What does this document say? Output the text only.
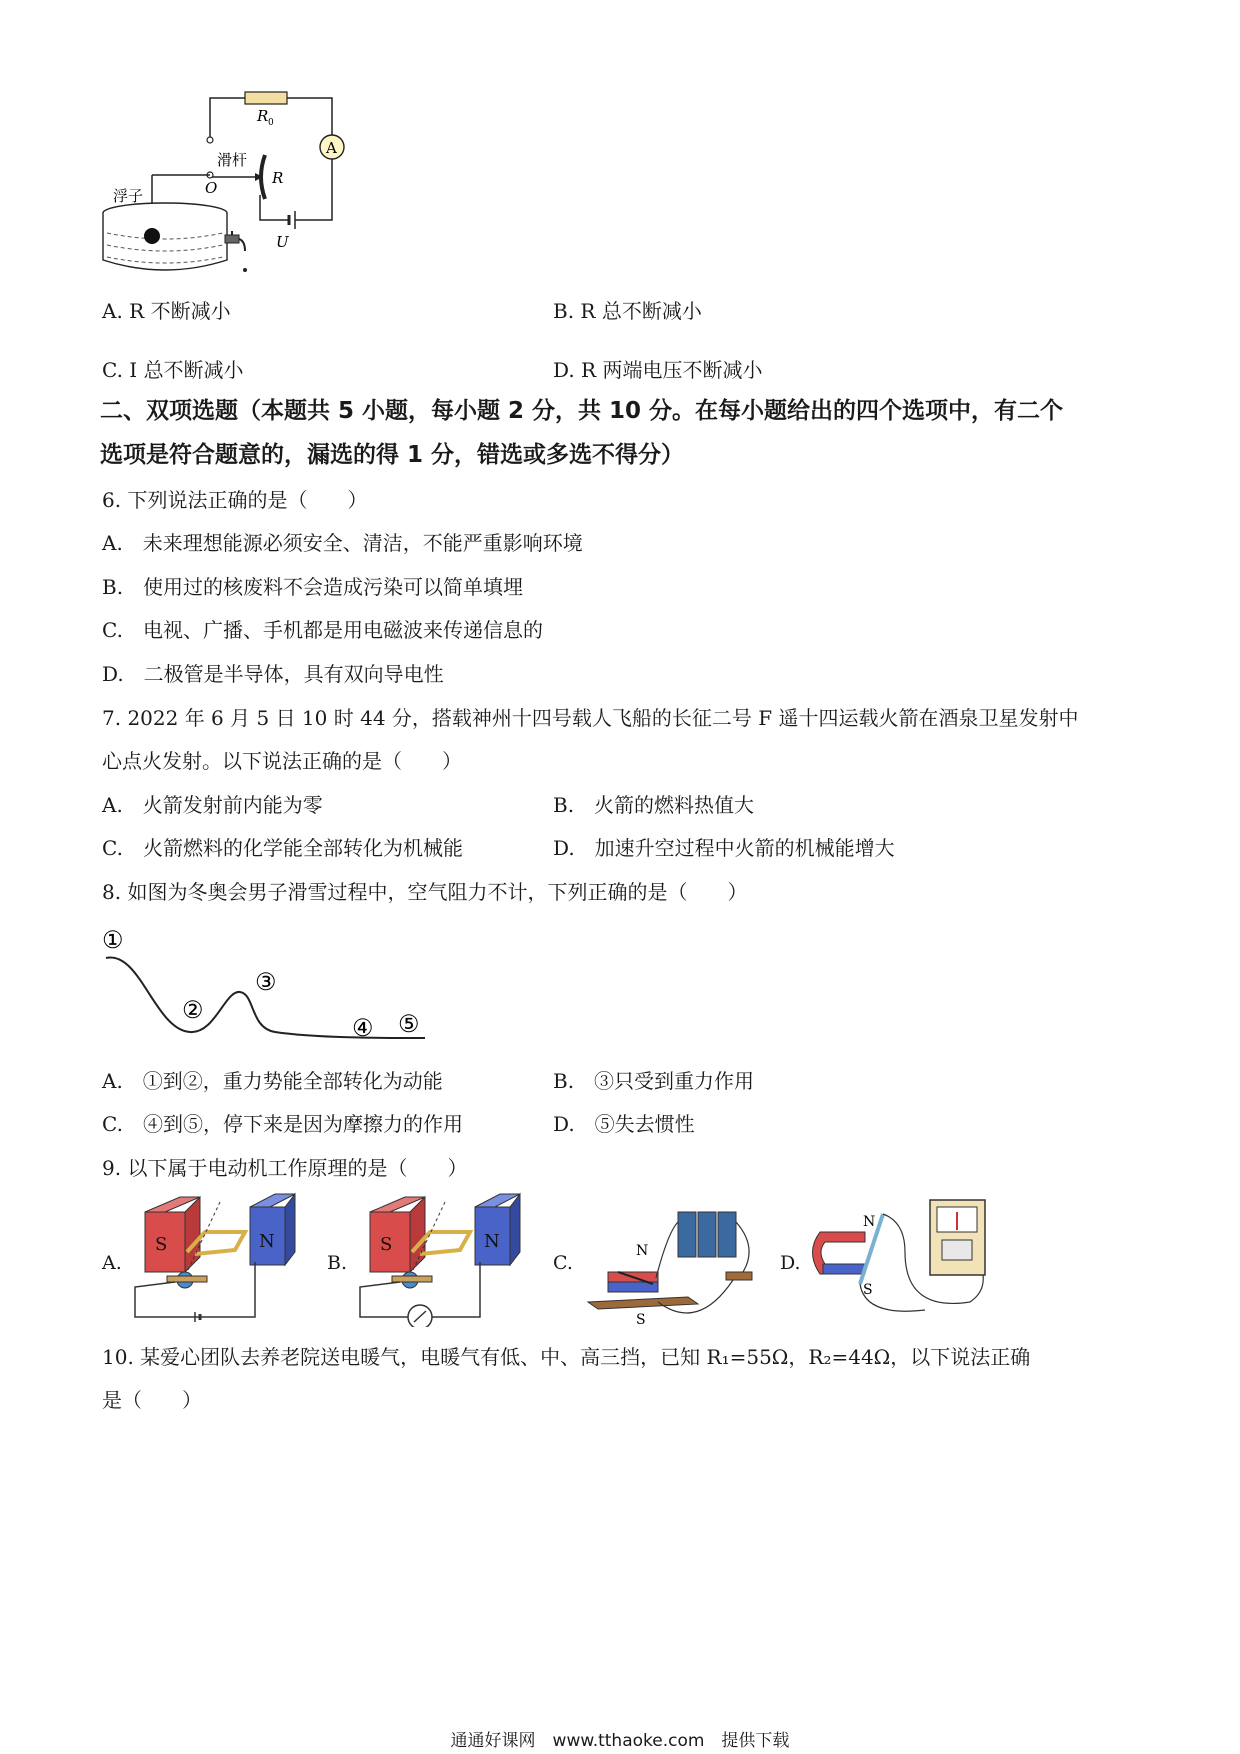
R 0
A
滑杆
O
R
浮子
U
A. R 不断减小	B. R 总不断减小
C. I 总不断减小	D. R 两端电压不断减小
二、双项选题（本题共 5 小题，每小题 2 分，共 10 分。在每小题给出的四个选项中，有二个
选项是符合题意的，漏选的得 1 分，错选或多选不得分）
6. 下列说法正确的是（　　）
A.　未来理想能源必须安全、清洁，不能严重影响环境
B.　使用过的核废料不会造成污染可以简单填埋
C.　电视、广播、手机都是用电磁波来传递信息的
D.　二极管是半导体，具有双向导电性
7. 2022 年 6 月 5 日 10 时 44 分，搭载神州十四号载人飞船的长征二号 F 遥十四运载火箭在酒泉卫星发射中
心点火发射。以下说法正确的是（　　）
A.　火箭发射前内能为零	B.　火箭的燃料热值大
C.　火箭燃料的化学能全部转化为机械能	D.　加速升空过程中火箭的机械能增大
8. 如图为冬奥会男子滑雪过程中，空气阻力不计，下列正确的是（　　）
①
②
③
④ ⑤
A.　①到②，重力势能全部转化为动能	B.　③只受到重力作用
C.　④到⑤，停下来是因为摩擦力的作用	D.　⑤失去惯性
9. 以下属于电动机工作原理的是（　　）
A.
S	N
B.
S	N
C.
N
S
D.
N
S
10. 某爱心团队去养老院送电暖气，电暖气有低、中、高三挡，已知 R₁=55Ω，R₂=44Ω，以下说法正确
是（　　）
通通好课网　www.tthaoke.com　提供下载
